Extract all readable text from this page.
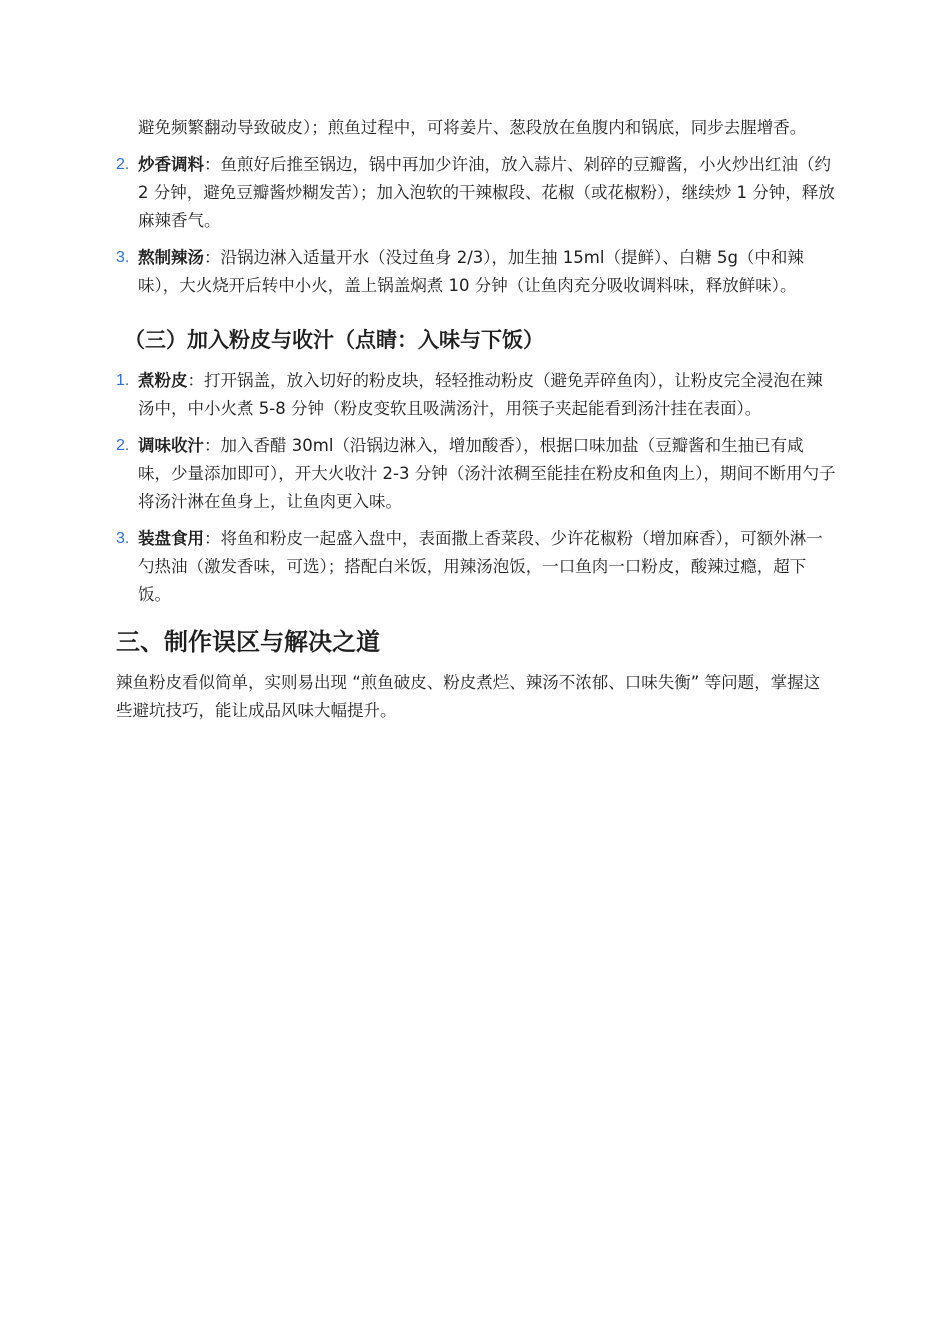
避免频繁翻动导致破皮）；煎鱼过程中，可将姜片、葱段放在鱼腹内和锅底，同步去腥增香。

2. 炒香调料：鱼煎好后推至锅边，锅中再加少许油，放入蒜片、剁碎的豆瓣酱，小火炒出红油（约 2 分钟，避免豆瓣酱炒糊发苦）；加入泡软的干辣椒段、花椒（或花椒粉），继续炒 1 分钟，释放麻辣香气。
3. 熬制辣汤：沿锅边淋入适量开水（没过鱼身 2/3），加生抽 15ml（提鲜）、白糖 5g（中和辣味），大火烧开后转中小火，盖上锅盖焖煮 10 分钟（让鱼肉充分吸收调料味，释放鲜味）。
（三）加入粉皮与收汁（点睛：入味与下饭）
1. 煮粉皮：打开锅盖，放入切好的粉皮块，轻轻推动粉皮（避免弄碎鱼肉），让粉皮完全浸泡在辣汤中，中小火煮 5-8 分钟（粉皮变软且吸满汤汁，用筷子夹起能看到汤汁挂在表面）。
2. 调味收汁：加入香醋 30ml（沿锅边淋入，增加酸香），根据口味加盐（豆瓣酱和生抽已有咸味，少量添加即可），开大火收汁 2-3 分钟（汤汁浓稠至能挂在粉皮和鱼肉上），期间不断用勺子将汤汁淋在鱼身上，让鱼肉更入味。
3. 装盘食用：将鱼和粉皮一起盛入盘中，表面撒上香菜段、少许花椒粉（增加麻香），可额外淋一勺热油（激发香味，可选）；搭配白米饭，用辣汤泡饭，一口鱼肉一口粉皮，酸辣过瘾，超下饭。
三、制作误区与解决之道

辣鱼粉皮看似简单，实则易出现 “煎鱼破皮、粉皮煮烂、辣汤不浓郁、口味失衡” 等问题，掌握这些避坑技巧，能让成品风味大幅提升。
